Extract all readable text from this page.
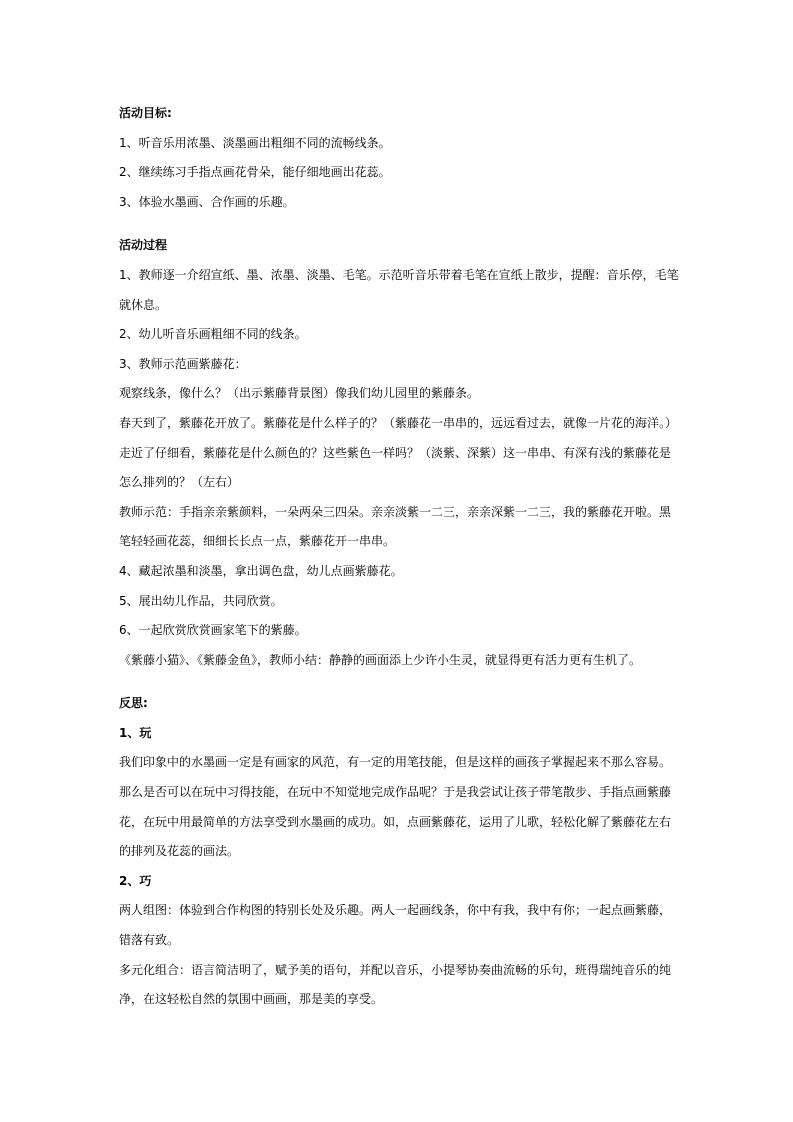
活动目标:
1、听音乐用浓墨、淡墨画出粗细不同的流畅线条。
2、继续练习手指点画花骨朵，能仔细地画出花蕊。
3、体验水墨画、合作画的乐趣。
活动过程
1、教师逐一介绍宣纸、墨、浓墨、淡墨、毛笔。示范听音乐带着毛笔在宣纸上散步，提醒：音乐停，毛笔
就休息。
2、幼儿听音乐画粗细不同的线条。
3、教师示范画紫藤花：
观察线条，像什么？（出示紫藤背景图）像我们幼儿园里的紫藤条。
春天到了，紫藤花开放了。紫藤花是什么样子的？（紫藤花一串串的，远远看过去，就像一片花的海洋。）
走近了仔细看，紫藤花是什么颜色的？这些紫色一样吗？（淡紫、深紫）这一串串、有深有浅的紫藤花是
怎么排列的？（左右）
教师示范：手指亲亲紫颜料，一朵两朵三四朵。亲亲淡紫一二三，亲亲深紫一二三，我的紫藤花开啦。黑
笔轻轻画花蕊，细细长长点一点，紫藤花开一串串。
4、藏起浓墨和淡墨，拿出调色盘，幼儿点画紫藤花。
5、展出幼儿作品，共同欣赏。
6、一起欣赏欣赏画家笔下的紫藤。
《紫藤小猫》、《紫藤金鱼》，教师小结：静静的画面添上少许小生灵，就显得更有活力更有生机了。
反思:
1、玩
我们印象中的水墨画一定是有画家的风范，有一定的用笔技能，但是这样的画孩子掌握起来不那么容易。
那么是否可以在玩中习得技能，在玩中不知觉地完成作品呢？于是我尝试让孩子带笔散步、手指点画紫藤
花，在玩中用最简单的方法享受到水墨画的成功。如，点画紫藤花，运用了儿歌，轻松化解了紫藤花左右
的排列及花蕊的画法。
2、巧
两人组图：体验到合作构图的特别长处及乐趣。两人一起画线条，你中有我，我中有你；一起点画紫藤，
错落有致。
多元化组合：语言简洁明了，赋予美的语句，并配以音乐，小提琴协奏曲流畅的乐句，班得瑞纯音乐的纯
净，在这轻松自然的氛围中画画，那是美的享受。
